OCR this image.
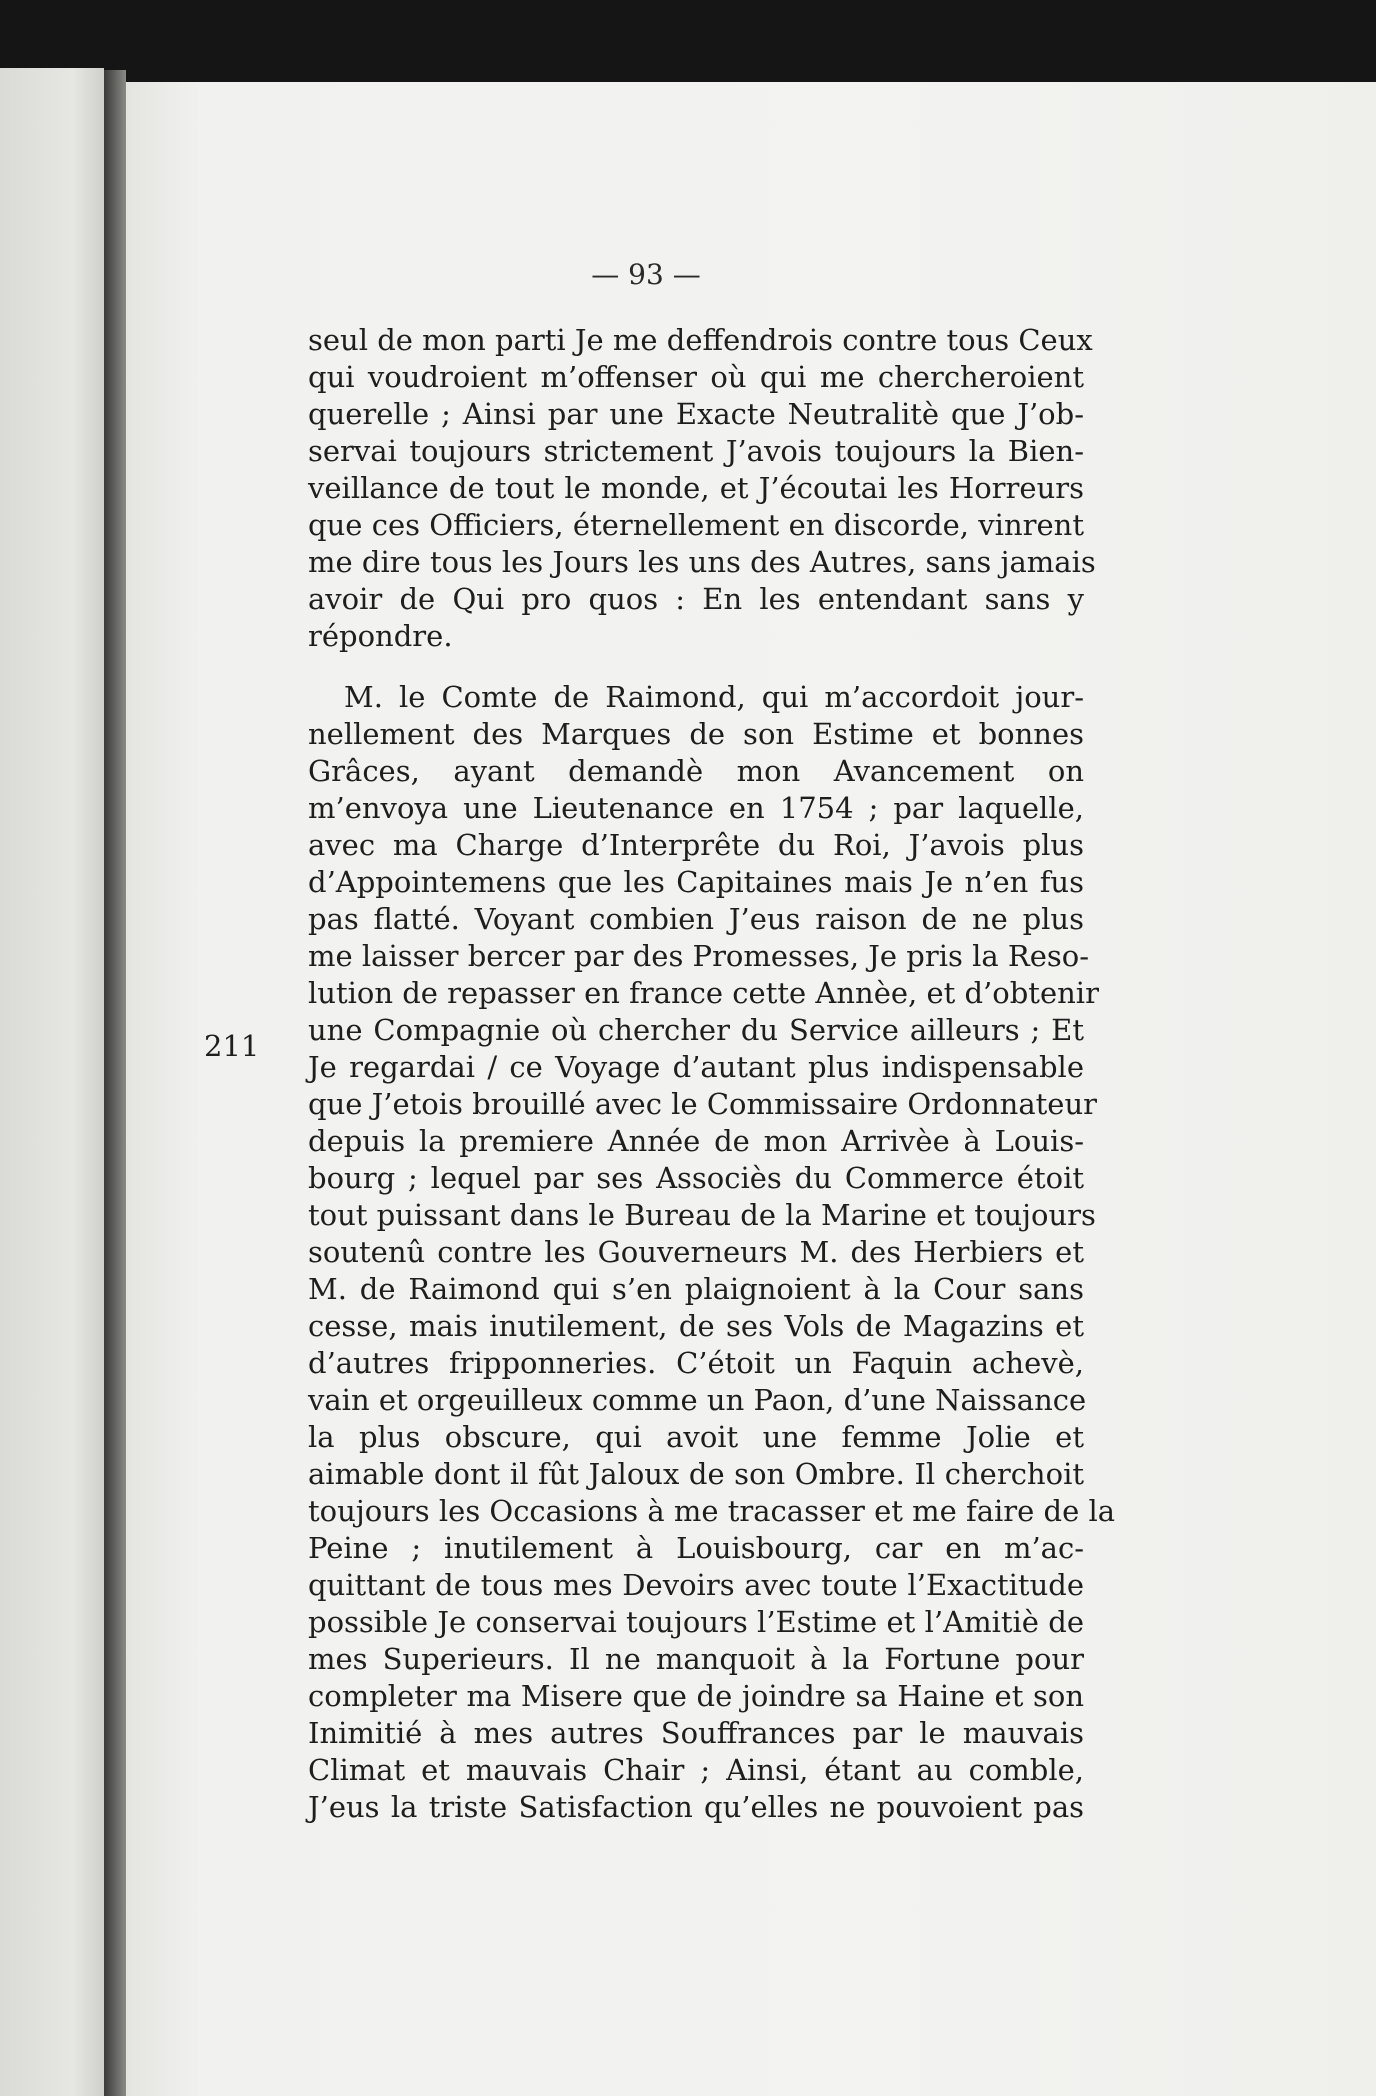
— 93 —
211
seul de mon parti Je me deffendrois contre tous Ceux
qui voudroient m’offenser où qui me chercheroient
querelle ; Ainsi par une Exacte Neutralitè que J’ob-
servai toujours strictement J’avois toujours la Bien-
veillance de tout le monde, et J’écoutai les Horreurs
que ces Officiers, éternellement en discorde, vinrent
me dire tous les Jours les uns des Autres, sans jamais
avoir de Qui pro quos : En les entendant sans y
répondre.
M. le Comte de Raimond, qui m’accordoit jour-
nellement des Marques de son Estime et bonnes
Grâces, ayant demandè mon Avancement on
m’envoya une Lieutenance en 1754 ; par laquelle,
avec ma Charge d’Interprête du Roi, J’avois plus
d’Appointemens que les Capitaines mais Je n’en fus
pas flatté. Voyant combien J’eus raison de ne plus
me laisser bercer par des Promesses, Je pris la Reso-
lution de repasser en france cette Annèe, et d’obtenir
une Compagnie où chercher du Service ailleurs ; Et
Je regardai / ce Voyage d’autant plus indispensable
que J’etois brouillé avec le Commissaire Ordonnateur
depuis la premiere Année de mon Arrivèe à Louis-
bourg ; lequel par ses Associès du Commerce étoit
tout puissant dans le Bureau de la Marine et toujours
soutenû contre les Gouverneurs M. des Herbiers et
M. de Raimond qui s’en plaignoient à la Cour sans
cesse, mais inutilement, de ses Vols de Magazins et
d’autres fripponneries. C’étoit un Faquin achevè,
vain et orgeuilleux comme un Paon, d’une Naissance
la plus obscure, qui avoit une femme Jolie et
aimable dont il fût Jaloux de son Ombre. Il cherchoit
toujours les Occasions à me tracasser et me faire de la
Peine ; inutilement à Louisbourg, car en m’ac-
quittant de tous mes Devoirs avec toute l’Exactitude
possible Je conservai toujours l’Estime et l’Amitiè de
mes Superieurs. Il ne manquoit à la Fortune pour
completer ma Misere que de joindre sa Haine et son
Inimitié à mes autres Souffrances par le mauvais
Climat et mauvais Chair ; Ainsi, étant au comble,
J’eus la triste Satisfaction qu’elles ne pouvoient pas
